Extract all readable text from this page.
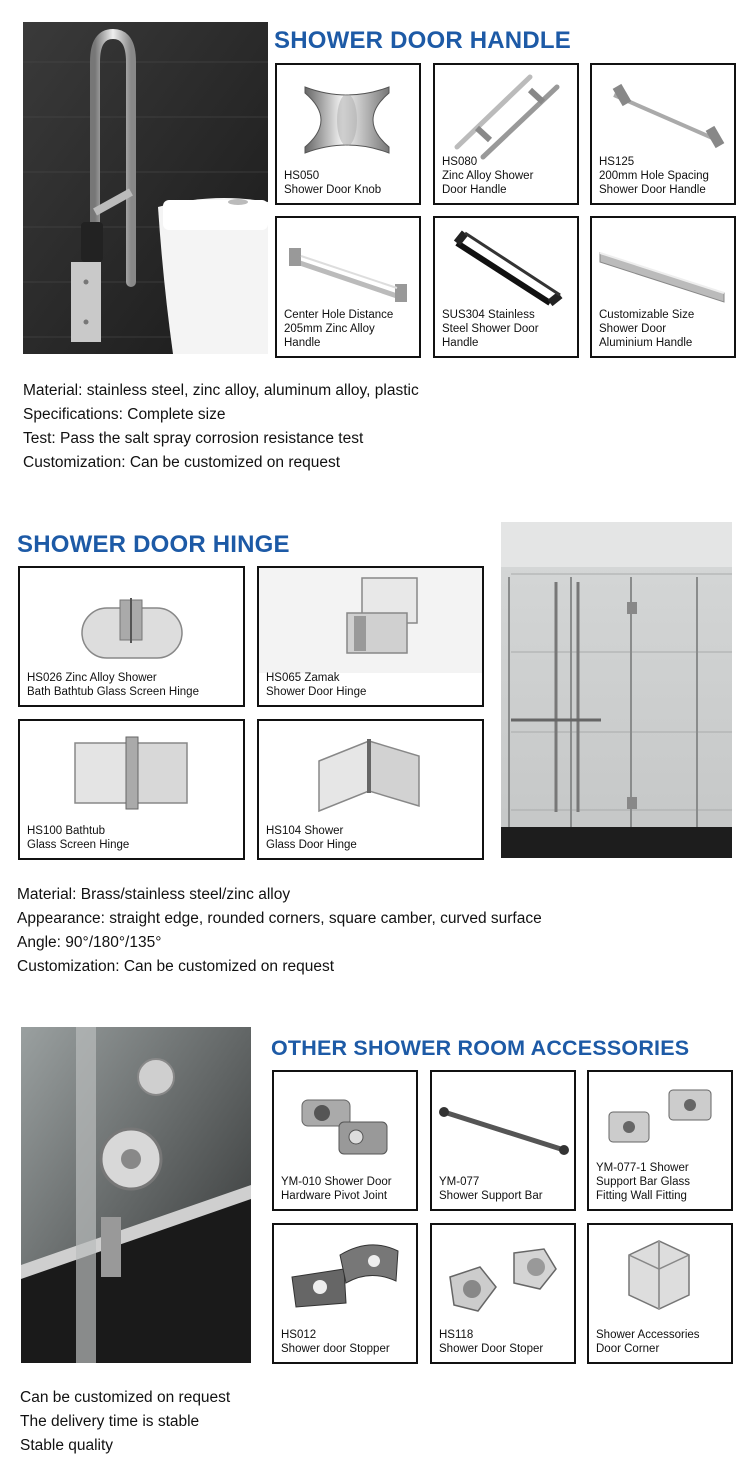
SHOWER DOOR HANDLE
HS050
Shower Door Knob
HS080
Zinc Alloy Shower
Door Handle
HS125
200mm Hole Spacing
Shower Door Handle
Center Hole Distance
205mm Zinc Alloy
Handle
SUS304 Stainless
Steel Shower Door
Handle
Customizable Size
Shower Door
Aluminium Handle
Material: stainless steel, zinc alloy, aluminum alloy, plastic
Specifications: Complete size
Test: Pass the salt spray corrosion resistance test
Customization: Can be customized on request
SHOWER DOOR HINGE
HS026 Zinc Alloy Shower
Bath Bathtub Glass Screen Hinge
HS065 Zamak
Shower Door Hinge
HS100 Bathtub
Glass Screen Hinge
HS104 Shower
Glass Door Hinge
Material: Brass/stainless steel/zinc alloy
Appearance: straight edge, rounded corners, square camber, curved surface
Angle: 90°/180°/135°
Customization: Can be customized on request
OTHER SHOWER ROOM ACCESSORIES
YM-010 Shower Door
Hardware Pivot Joint
YM-077
Shower Support Bar
YM-077-1 Shower
Support Bar Glass
Fitting Wall Fitting
HS012
Shower door Stopper
HS118
Shower Door Stoper
Shower Accessories
Door Corner
Can be customized on request
The delivery time is stable
Stable quality
